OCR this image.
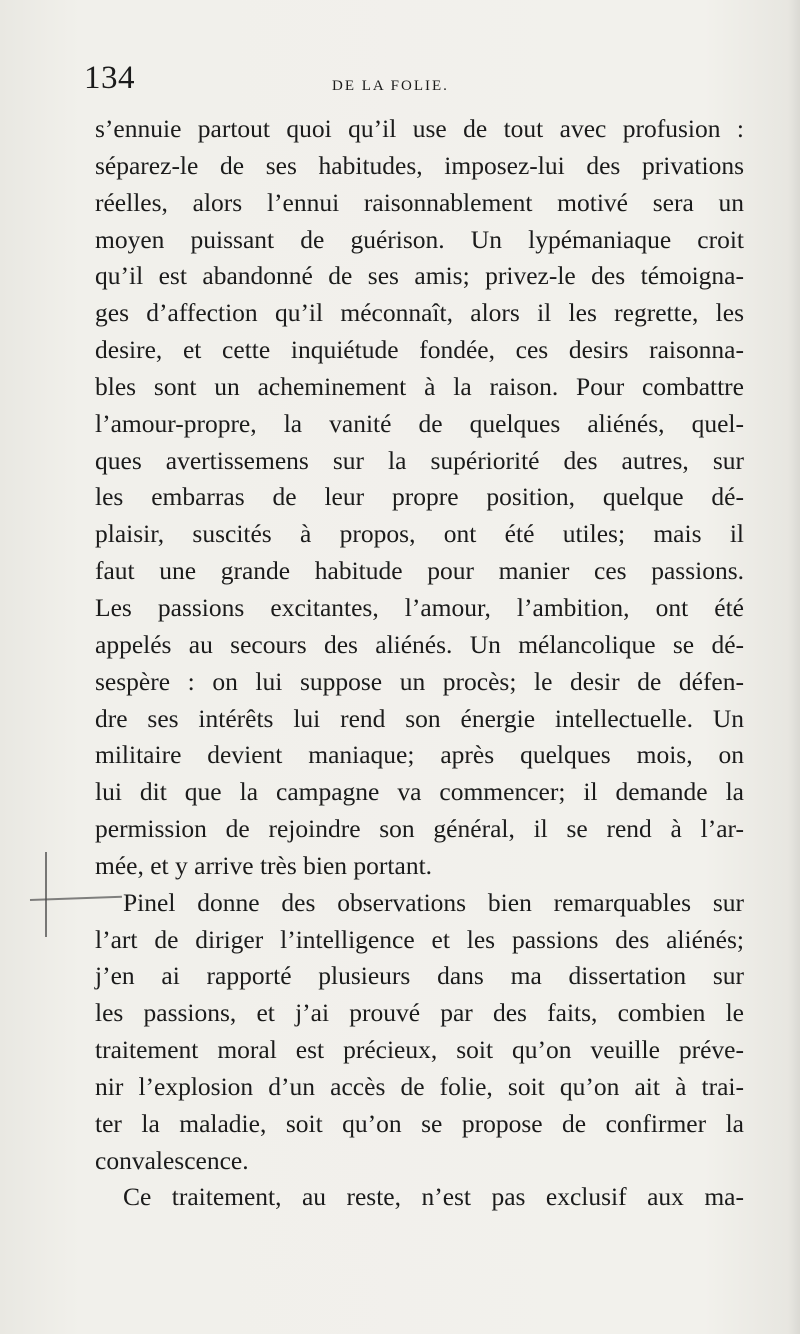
134	DE LA FOLIE.
s’ennuie partout quoi qu’il use de tout avec profusion :
séparez-le de ses habitudes, imposez-lui des privations
réelles, alors l’ennui raisonnablement motivé sera un
moyen puissant de guérison. Un lypémaniaque croit
qu’il est abandonné de ses amis; privez-le des témoigna-
ges d’affection qu’il méconnaît, alors il les regrette, les
desire, et cette inquiétude fondée, ces desirs raisonna-
bles sont un acheminement à la raison. Pour combattre
l’amour-propre, la vanité de quelques aliénés, quel-
ques avertissemens sur la supériorité des autres, sur
les embarras de leur propre position, quelque dé-
plaisir, suscités à propos, ont été utiles; mais il
faut une grande habitude pour manier ces passions.
Les passions excitantes, l’amour, l’ambition, ont été
appelés au secours des aliénés. Un mélancolique se dé-
sespère : on lui suppose un procès; le desir de défen-
dre ses intérêts lui rend son énergie intellectuelle. Un
militaire devient maniaque; après quelques mois, on
lui dit que la campagne va commencer; il demande la
permission de rejoindre son général, il se rend à l’ar-
mée, et y arrive très bien portant.
Pinel donne des observations bien remarquables sur
l’art de diriger l’intelligence et les passions des aliénés;
j’en ai rapporté plusieurs dans ma dissertation sur
les passions, et j’ai prouvé par des faits, combien le
traitement moral est précieux, soit qu’on veuille préve-
nir l’explosion d’un accès de folie, soit qu’on ait à trai-
ter la maladie, soit qu’on se propose de confirmer la
convalescence.
Ce traitement, au reste, n’est pas exclusif aux ma-
